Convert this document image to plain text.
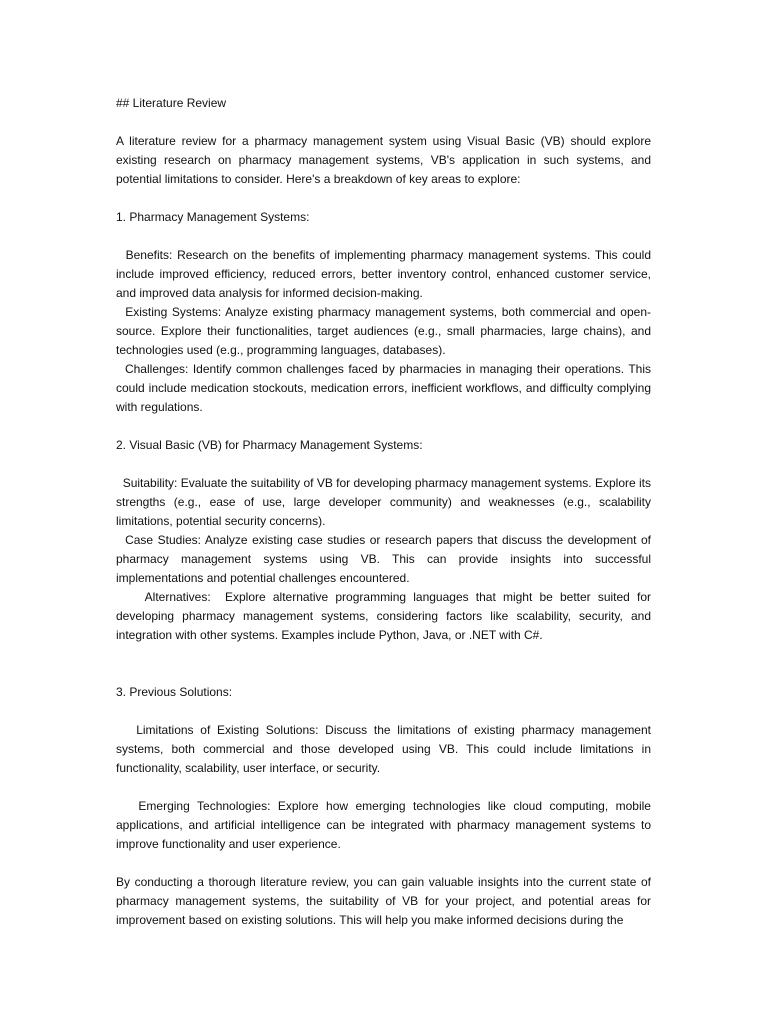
## Literature Review

A literature review for a pharmacy management system using Visual Basic (VB) should explore existing research on pharmacy management systems, VB's application in such systems, and potential limitations to consider. Here's a breakdown of key areas to explore:

1. Pharmacy Management Systems:

Benefits: Research on the benefits of implementing pharmacy management systems. This could include improved efficiency, reduced errors, better inventory control, enhanced customer service, and improved data analysis for informed decision-making.

Existing Systems: Analyze existing pharmacy management systems, both commercial and open-source. Explore their functionalities, target audiences (e.g., small pharmacies, large chains), and technologies used (e.g., programming languages, databases).

Challenges: Identify common challenges faced by pharmacies in managing their operations. This could include medication stockouts, medication errors, inefficient workflows, and difficulty complying with regulations.

2. Visual Basic (VB) for Pharmacy Management Systems:

Suitability: Evaluate the suitability of VB for developing pharmacy management systems. Explore its strengths (e.g., ease of use, large developer community) and weaknesses (e.g., scalability limitations, potential security concerns).

Case Studies: Analyze existing case studies or research papers that discuss the development of pharmacy management systems using VB. This can provide insights into successful implementations and potential challenges encountered.

Alternatives:  Explore alternative programming languages that might be better suited for developing pharmacy management systems, considering factors like scalability, security, and integration with other systems. Examples include Python, Java, or .NET with C#.

3. Previous Solutions:

Limitations of Existing Solutions: Discuss the limitations of existing pharmacy management systems, both commercial and those developed using VB. This could include limitations in functionality, scalability, user interface, or security.

Emerging Technologies: Explore how emerging technologies like cloud computing, mobile applications, and artificial intelligence can be integrated with pharmacy management systems to improve functionality and user experience.

By conducting a thorough literature review, you can gain valuable insights into the current state of pharmacy management systems, the suitability of VB for your project, and potential areas for improvement based on existing solutions. This will help you make informed decisions during the
